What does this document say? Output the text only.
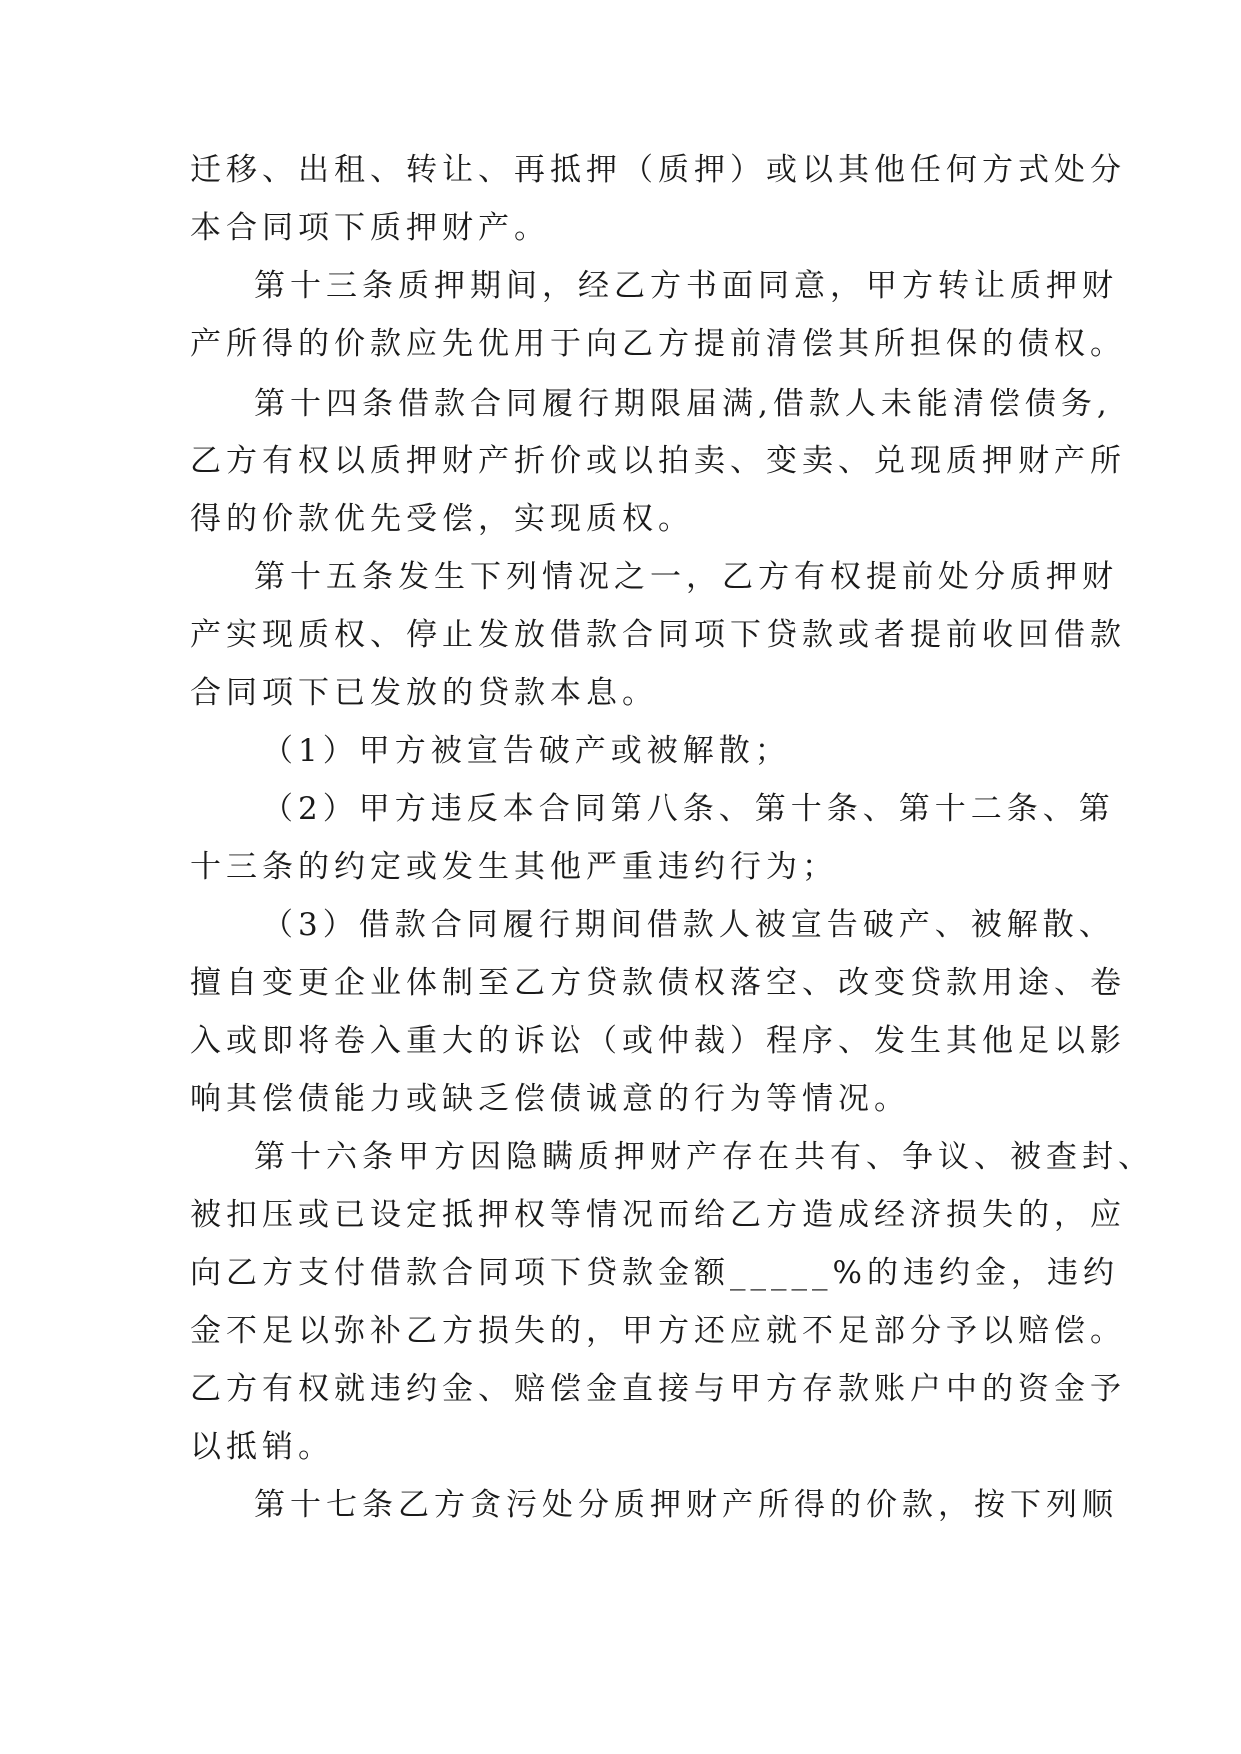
迁移、出租、转让、再抵押（质押）或以其他任何方式处分
本合同项下质押财产。
第十三条质押期间，经乙方书面同意，甲方转让质押财
产所得的价款应先优用于向乙方提前清偿其所担保的债权。
第十四条借款合同履行期限届满,借款人未能清偿债务,
乙方有权以质押财产折价或以拍卖、变卖、兑现质押财产所
得的价款优先受偿，实现质权。
第十五条发生下列情况之一，乙方有权提前处分质押财
产实现质权、停止发放借款合同项下贷款或者提前收回借款
合同项下已发放的贷款本息。
（1）甲方被宣告破产或被解散；
（2）甲方违反本合同第八条、第十条、第十二条、第
十三条的约定或发生其他严重违约行为；
（3）借款合同履行期间借款人被宣告破产、被解散、
擅自变更企业体制至乙方贷款债权落空、改变贷款用途、卷
入或即将卷入重大的诉讼（或仲裁）程序、发生其他足以影
响其偿债能力或缺乏偿债诚意的行为等情况。
第十六条甲方因隐瞒质押财产存在共有、争议、被查封、
被扣压或已设定抵押权等情况而给乙方造成经济损失的，应
向乙方支付借款合同项下贷款金额_____%的违约金，违约
金不足以弥补乙方损失的，甲方还应就不足部分予以赔偿。
乙方有权就违约金、赔偿金直接与甲方存款账户中的资金予
以抵销。
第十七条乙方贪污处分质押财产所得的价款，按下列顺
